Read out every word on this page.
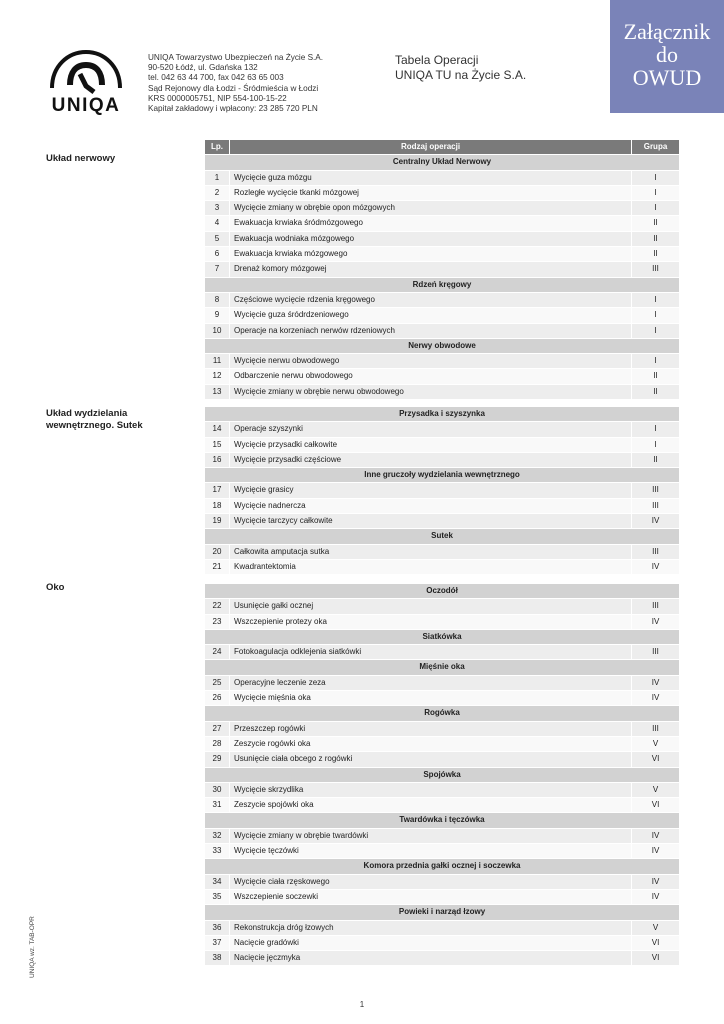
Załącznik
do
OWUD
UNIQA
UNIQA Towarzystwo Ubezpieczeń na Życie S.A.
90-520 Łódź, ul. Gdańska 132
tel. 042 63 44 700, fax 042 63 65 003
Sąd Rejonowy dla Łodzi - Śródmieścia w Łodzi
KRS 0000005751, NIP 554-100-15-22
Kapitał zakładowy i wpłacony: 23 285 720 PLN
Tabela Operacji
UNIQA TU na Życie S.A.
Układ nerwowy
Układ wydzielania wewnętrznego. Sutek
Oko
Lp.	Rodzaj operacji	Grupa
Centralny Układ Nerwowy		
1	Wycięcie guza mózgu	I
2	Rozległe wycięcie tkanki mózgowej	I
3	Wycięcie zmiany w obrębie opon mózgowych	I
4	Ewakuacja krwiaka śródmózgowego	II
5	Ewakuacja wodniaka mózgowego	II
6	Ewakuacja krwiaka mózgowego	II
7	Drenaż komory mózgowej	III
Rdzeń kręgowy		
8	Częściowe wycięcie rdzenia kręgowego	I
9	Wycięcie guza śródrdzeniowego	I
10	Operacje na korzeniach nerwów rdzeniowych	I
Nerwy obwodowe		
11	Wycięcie nerwu obwodowego	I
12	Odbarczenie nerwu obwodowego	II
13	Wycięcie zmiany w obrębie nerwu obwodowego	II
Przysadka i szyszynka		
14	Operacje szyszynki	I
15	Wycięcie przysadki całkowite	I
16	Wycięcie przysadki częściowe	II
Inne gruczoły wydzielania wewnętrznego		
17	Wycięcie grasicy	III
18	Wycięcie nadnercza	III
19	Wycięcie tarczycy całkowite	IV
Sutek		
20	Całkowita amputacja sutka	III
21	Kwadrantektomia	IV
Oczodół		
22	Usunięcie gałki ocznej	III
23	Wszczepienie protezy oka	IV
Siatkówka		
24	Fotokoagulacja odklejenia siatkówki	III
Mięśnie oka		
25	Operacyjne leczenie zeza	IV
26	Wycięcie mięśnia oka	IV
Rogówka		
27	Przeszczep rogówki	III
28	Zeszycie rogówki oka	V
29	Usunięcie ciała obcego z rogówki	VI
Spojówka		
30	Wycięcie skrzydlika	V
31	Zeszycie spojówki oka	VI
Twardówka i tęczówka		
32	Wycięcie zmiany w obrębie twardówki	IV
33	Wycięcie tęczówki	IV
Komora przednia gałki ocznej i soczewka		
34	Wycięcie ciała rzęskowego	IV
35	Wszczepienie soczewki	IV
Powieki i narząd łzowy		
36	Rekonstrukcja dróg łzowych	V
37	Nacięcie gradówki	VI
38	Nacięcie jęczmyka	VI
UNIQA wz. TAB-OPR
1
